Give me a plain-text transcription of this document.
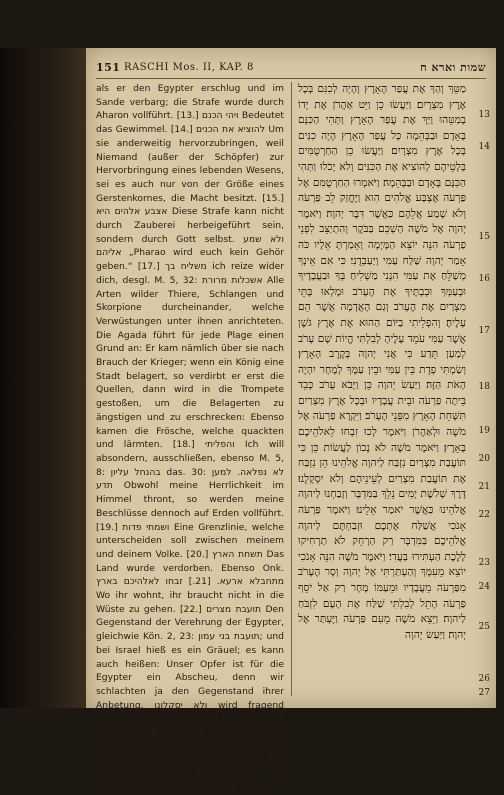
151 RASCHI Mos. II, KAP. 8	שמות וארא ח
als er den Egypter erschlug und im Sande verbarg; die Strafe wurde durch Aharon vollführt. [13.] ויהי הכנם Bedeutet das Gewimmel. [14.] להוציא את הכנים Um sie anderweitig hervorzubringen, weil Niemand (außer der Schöpfer) zur Hervorbringung eines lebenden Wesens, sei es auch nur von der Größe eines Gerstenkornes, die Macht besitzt. [15.] אצבע אלהים היא Diese Strafe kann nicht durch Zauberei herbeigeführt sein, sondern durch Gott selbst. ולא שמע אליהם „Pharao wird euch kein Gehör geben.“ [17.] משליח בך ich reize wider dich, desgl. M. 5, 32: אשכלות מרורת Alle Arten wilder Thiere, Schlangen und Skorpione durcheinander, welche Verwüstungen unter ihnen anrichteten. Die Agada führt für jede Plage einen Grund an: Er kam nämlich über sie nach Brauch der Krieger; wenn ein König eine Stadt belagert, so verdirbt er erst die Quellen, dann wird in die Trompete gestoßen, um die Belagerten zu ängstigen und zu erschrecken: Ebenso kamen die Frösche, welche quackten und lärmten. [18.] והפליתי Ich will absondern, ausschließen, ebenso M. 5, 8: בהנחל עליון das. 30: לא נפלאה. למען תדע Obwohl meine Herrlichkeit im Himmel thront, so werden meine Beschlüsse dennoch auf Erden vollführt. [19.] ושמתי פדות Eine Grenzlinie, welche unterscheiden soll zwischen meinem und deinem Volke. [20.] תשחת הארץ Das Land wurde verdorben. Ebenso Onk. מתחבלא ארעא. [21.] זבחו לאלהיכם בארץ Wo ihr wohnt, ihr braucht nicht in die Wüste zu gehen. [22.] תועבת מצרים Den Gegenstand der Verehrung der Egypter, gleichwie Kön. 2, 23: תועבת בני עמון; und bei Israel hieß es ein Gräuel; es kann auch heißen: Unser Opfer ist für die Egypter ein Abscheu, denn wir schlachten ja den Gegenstand ihrer Anbetung. ולא יסקלונו wird fragend gebraucht. [25.] לבלתי שלח את העם [26.] ויעתר אל ה׳ Er betete inbrünstig; stünde hier ויעתר Hifil, so würde es bedeuten, er habe viel gebetet, im ויעתר Kal, er hat mit inniger Andacht gebetet. [27.] ויסר הערוב Sie starben nicht wie die Frösche,
מַטֵּךְ וְהַךְ אֶת עֲפַר הָאָרֶץ וְהָיָה לְכִנִּם בְּכָל אֶרֶץ מִצְרָיִם׃ וַיַּעֲשׂוּ כֵן וַיֵּט אַהֲרֹן אֶת יָדוֹ בְמַטֵּהוּ וַיַּךְ אֶת עֲפַר הָאָרֶץ וַתְּהִי הַכִּנָּם בָּאָדָם וּבַבְּהֵמָה כָּל עֲפַר הָאָרֶץ הָיָה כִנִּים בְּכָל אֶרֶץ מִצְרָיִם׃ וַיַּעֲשׂוּ כֵן הַחַרְטֻמִּים בְּלָטֵיהֶם לְהוֹצִיא אֶת הַכִּנִּים וְלֹא יָכֹלוּ וַתְּהִי הַכִּנָּם בָּאָדָם וּבַבְּהֵמָה׃ וַיֹּאמְרוּ הַחַרְטֻמִּם אֶל פַּרְעֹה אֶצְבַּע אֱלֹהִים הִוא וַיֶּחֱזַק לֵב פַּרְעֹה וְלֹא שָׁמַע אֲלֵהֶם כַּאֲשֶׁר דִּבֶּר יְהוָה׃ וַיֹּאמֶר יְהוָה אֶל מֹשֶׁה הַשְׁכֵּם בַּבֹּקֶר וְהִתְיַצֵּב לִפְנֵי פַרְעֹה הִנֵּה יוֹצֵא הַמָּיְמָה וְאָמַרְתָּ אֵלָיו כֹּה אָמַר יְהוָה שַׁלַּח עַמִּי וְיַעַבְדֻנִי׃ כִּי אִם אֵינְךָ מְשַׁלֵּחַ אֶת עַמִּי הִנְנִי מַשְׁלִיחַ בְּךָ וּבַעֲבָדֶיךָ וּבְעַמְּךָ וּבְבָתֶּיךָ אֶת הֶעָרֹב וּמָלְאוּ בָּתֵּי מִצְרַיִם אֶת הֶעָרֹב וְגַם הָאֲדָמָה אֲשֶׁר הֵם עָלֶיהָ׃ וְהִפְלֵיתִי בַיּוֹם הַהוּא אֶת אֶרֶץ גֹּשֶׁן אֲשֶׁר עַמִּי עֹמֵד עָלֶיהָ לְבִלְתִּי הֱיוֹת שָׁם עָרֹב לְמַעַן תֵּדַע כִּי אֲנִי יְהוָה בְּקֶרֶב הָאָרֶץ׃ וְשַׂמְתִּי פְדֻת בֵּין עַמִּי וּבֵין עַמֶּךָ לְמָחָר יִהְיֶה הָאֹת הַזֶּה׃ וַיַּעַשׂ יְהוָה כֵּן וַיָּבֹא עָרֹב כָּבֵד בֵּיתָה פַרְעֹה וּבֵית עֲבָדָיו וּבְכָל אֶרֶץ מִצְרַיִם תִּשָּׁחֵת הָאָרֶץ מִפְּנֵי הֶעָרֹב׃ וַיִּקְרָא פַרְעֹה אֶל מֹשֶׁה וּלְאַהֲרֹן וַיֹּאמֶר לְכוּ זִבְחוּ לֵאלֹהֵיכֶם בָּאָרֶץ׃ וַיֹּאמֶר מֹשֶׁה לֹא נָכוֹן לַעֲשׂוֹת כֵּן כִּי תּוֹעֲבַת מִצְרַיִם נִזְבַּח לַיהוָה אֱלֹהֵינוּ הֵן נִזְבַּח אֶת תּוֹעֲבַת מִצְרַיִם לְעֵינֵיהֶם וְלֹא יִסְקְלֻנוּ׃ דֶּרֶךְ שְׁלֹשֶׁת יָמִים נֵלֵךְ בַּמִּדְבָּר וְזָבַחְנוּ לַיהוָה אֱלֹהֵינוּ כַּאֲשֶׁר יֹאמַר אֵלֵינוּ׃ וַיֹּאמֶר פַּרְעֹה אָנֹכִי אֲשַׁלַּח אֶתְכֶם וּזְבַחְתֶּם לַיהוָה אֱלֹהֵיכֶם בַּמִּדְבָּר רַק הַרְחֵק לֹא תַרְחִיקוּ לָלֶכֶת הַעְתִּירוּ בַּעֲדִי׃ וַיֹּאמֶר מֹשֶׁה הִנֵּה אָנֹכִי יוֹצֵא מֵעִמָּךְ וְהַעְתַּרְתִּי אֶל יְהוָה וְסָר הֶעָרֹב מִפַּרְעֹה מֵעֲבָדָיו וּמֵעַמּוֹ מָחָר רַק אַל יֹסֵף פַּרְעֹה הָתֵל לְבִלְתִּי שַׁלַּח אֶת הָעָם לִזְבֹּחַ לַיהוָה׃ וַיֵּצֵא מֹשֶׁה מֵעִם פַּרְעֹה וַיֶּעְתַּר אֶל יְהוָה׃ וַיַּעַשׂ יְהוָה
13
14
15
16
17
18
19
20
21
22
23
24
25
26
27
